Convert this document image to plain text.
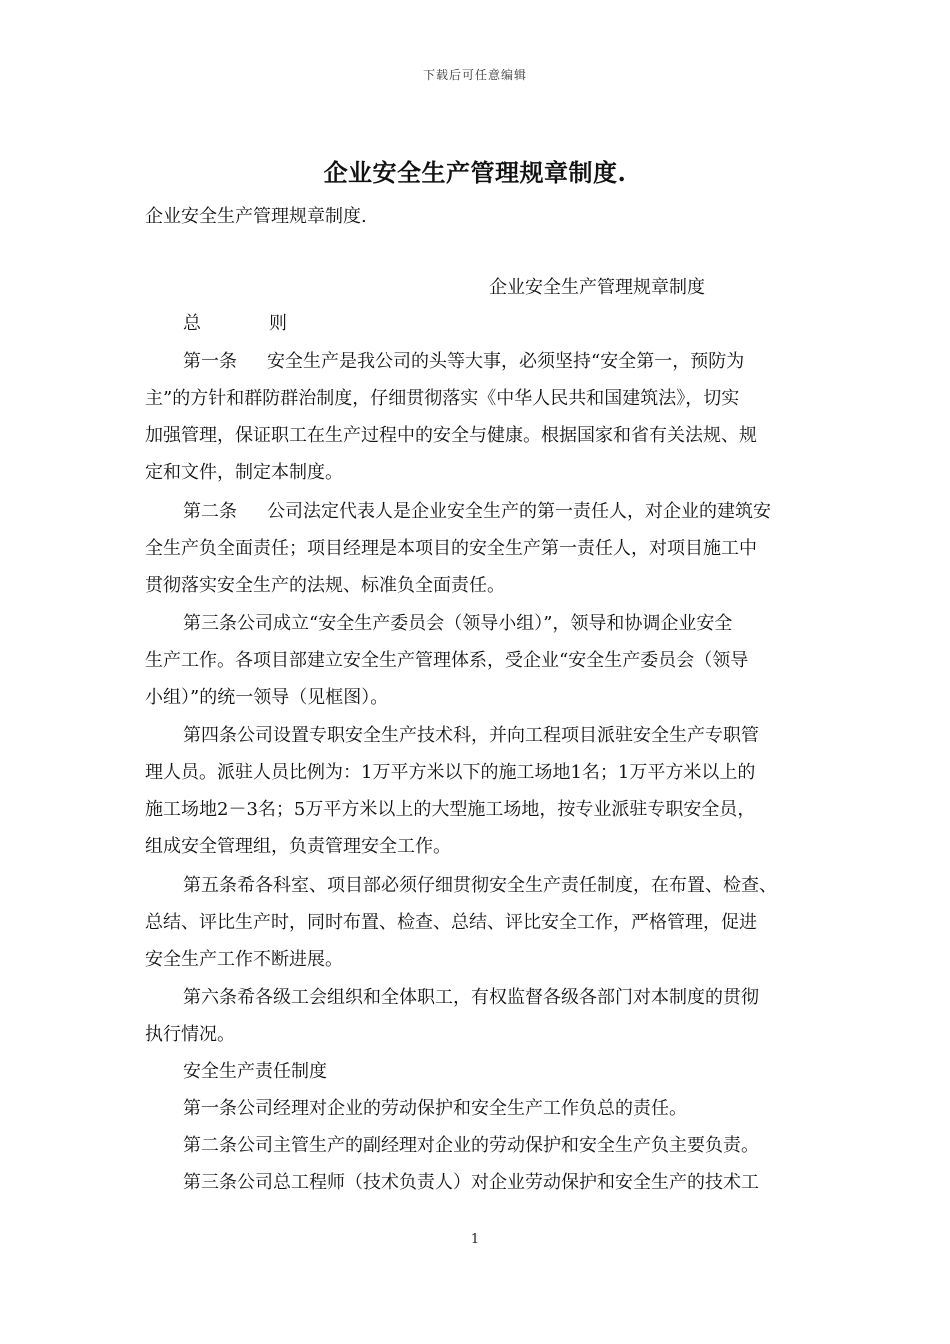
下载后可任意编辑
企业安全生产管理规章制度.
企业安全生产管理规章制度.
企业安全生产管理规章制度
总	则
第一条 安全生产是我公司的头等大事，必须坚持“安全第一，预防为
主”的方针和群防群治制度，仔细贯彻落实《中华人民共和国建筑法》，切实
加强管理，保证职工在生产过程中的安全与健康。根据国家和省有关法规、规
定和文件，制定本制度。
第二条 公司法定代表人是企业安全生产的第一责任人，对企业的建筑安
全生产负全面责任；项目经理是本项目的安全生产第一责任人，对项目施工中
贯彻落实安全生产的法规、标准负全面责任。
第三条公司成立“安全生产委员会（领导小组）”，领导和协调企业安全
生产工作。各项目部建立安全生产管理体系，受企业“安全生产委员会（领导
小组）”的统一领导（见框图）。
第四条公司设置专职安全生产技术科，并向工程项目派驻安全生产专职管
理人员。派驻人员比例为：1万平方米以下的施工场地1名；1万平方米以上的
施工场地2－3名；5万平方米以上的大型施工场地，按专业派驻专职安全员，
组成安全管理组，负责管理安全工作。
第五条希各科室、项目部必须仔细贯彻安全生产责任制度，在布置、检查、
总结、评比生产时，同时布置、检查、总结、评比安全工作，严格管理，促进
安全生产工作不断进展。
第六条希各级工会组织和全体职工，有权监督各级各部门对本制度的贯彻
执行情况。
安全生产责任制度
第一条公司经理对企业的劳动保护和安全生产工作负总的责任。
第二条公司主管生产的副经理对企业的劳动保护和安全生产负主要负责。
第三条公司总工程师（技术负责人）对企业劳动保护和安全生产的技术工
1
